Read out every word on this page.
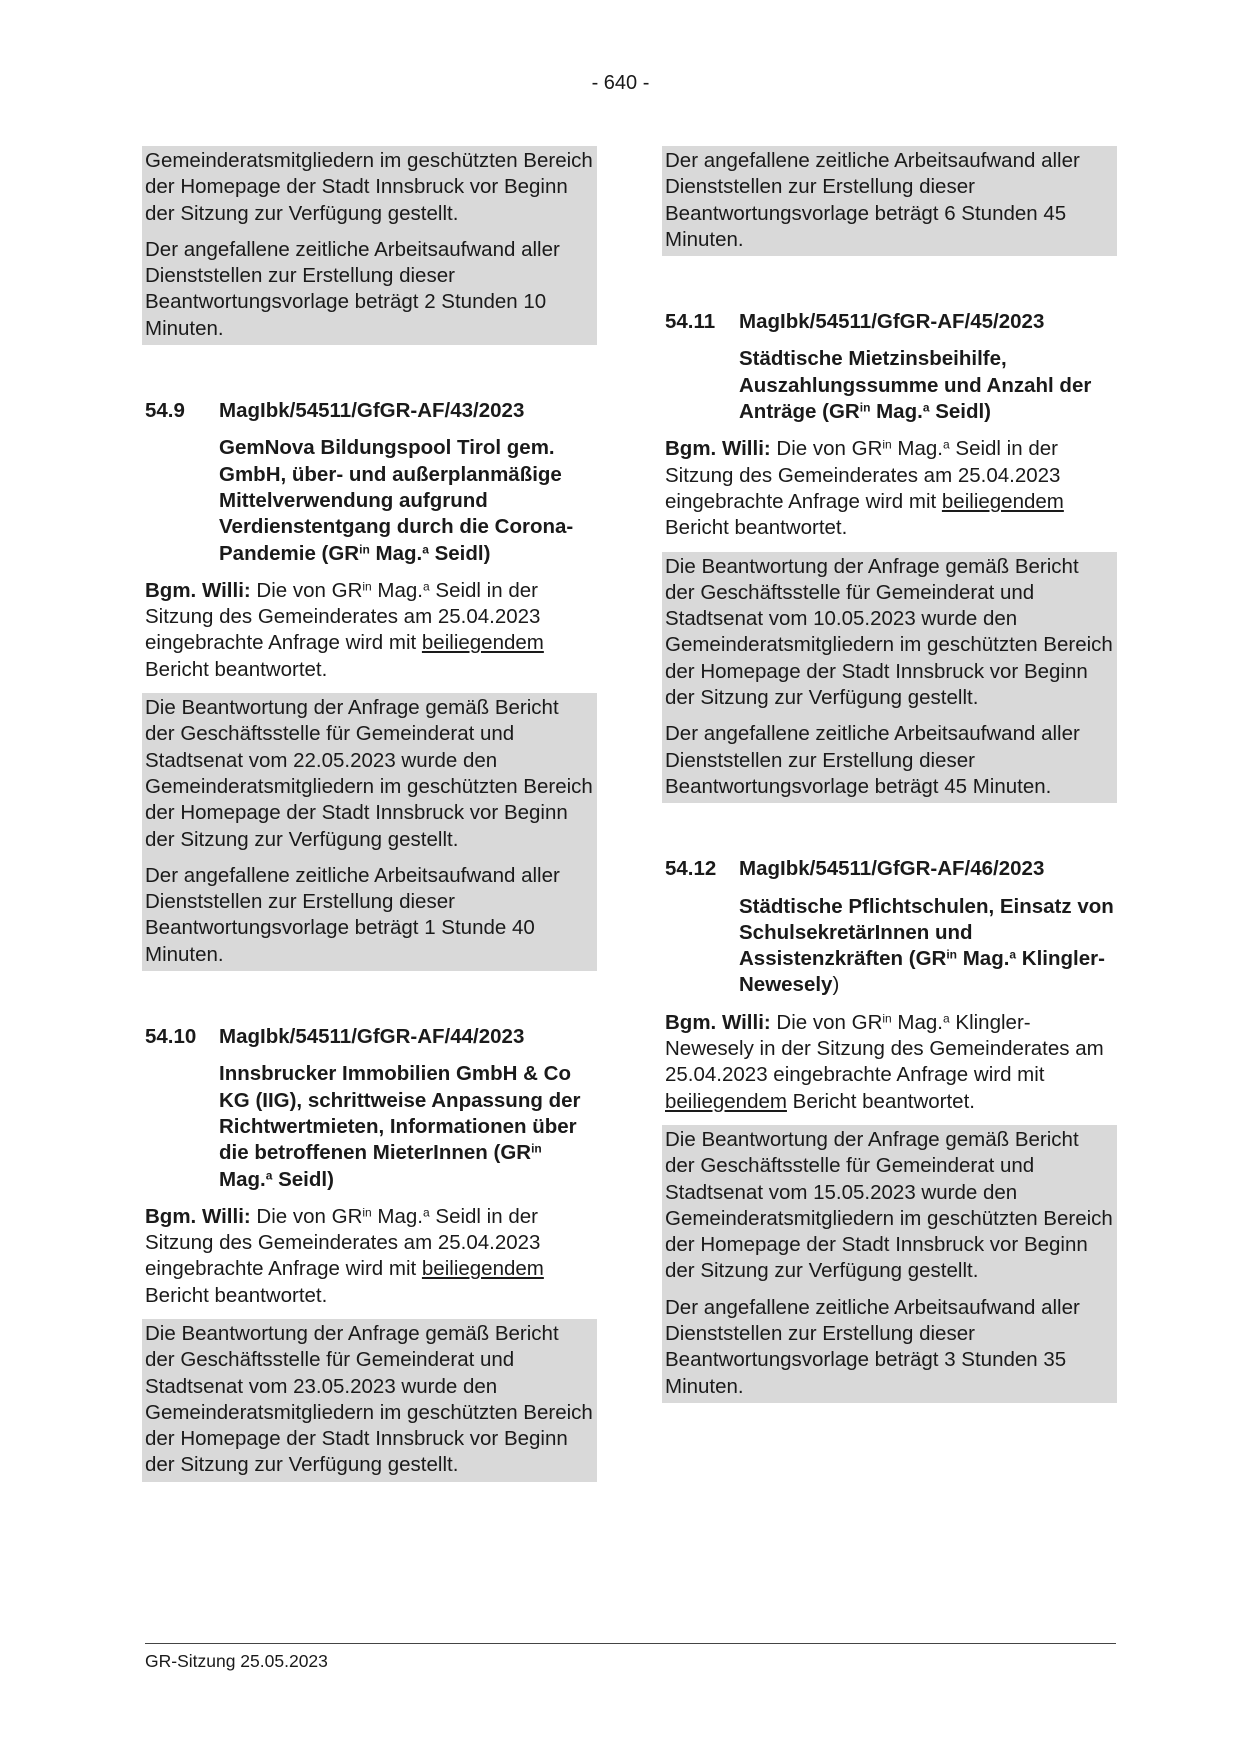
- 640 -

Gemeinderatsmitgliedern im geschützten Bereich der Homepage der Stadt Innsbruck vor Beginn der Sitzung zur Verfügung gestellt.

Der angefallene zeitliche Arbeitsaufwand aller Dienststellen zur Erstellung dieser Beantwortungsvorlage beträgt 2 Stunden 10 Minuten.

54.9	MagIbk/54511/GfGR-AF/43/2023
GemNova Bildungspool Tirol gem. GmbH, über- und außerplanmäßige Mittelverwendung aufgrund Verdienstentgang durch die Corona-Pandemie ($GR^{in}$ Mag.$^a$ Seidl)

Bgm. Willi: Die von $GR^{in}$ Mag.$^a$ Seidl in der Sitzung des Gemeinderates am 25.04.2023 eingebrachte Anfrage wird mit beiliegendem Bericht beantwortet.

Die Beantwortung der Anfrage gemäß Bericht der Geschäftsstelle für Gemeinderat und Stadtsenat vom 22.05.2023 wurde den Gemeinderatsmitgliedern im geschützten Bereich der Homepage der Stadt Innsbruck vor Beginn der Sitzung zur Verfügung gestellt.

Der angefallene zeitliche Arbeitsaufwand aller Dienststellen zur Erstellung dieser Beantwortungsvorlage beträgt 1 Stunde 40 Minuten.

54.10	MagIbk/54511/GfGR-AF/44/2023
Innsbrucker Immobilien GmbH & Co KG (IIG), schrittweise Anpassung der Richtwertmieten, Informationen über die betroffenen MieterInnen ($GR^{in}$ Mag.$^a$ Seidl)

Bgm. Willi: Die von $GR^{in}$ Mag.$^a$ Seidl in der Sitzung des Gemeinderates am 25.04.2023 eingebrachte Anfrage wird mit beiliegendem Bericht beantwortet.

Die Beantwortung der Anfrage gemäß Bericht der Geschäftsstelle für Gemeinderat und Stadtsenat vom 23.05.2023 wurde den Gemeinderatsmitgliedern im geschützten Bereich der Homepage der Stadt Innsbruck vor Beginn der Sitzung zur Verfügung gestellt.

Der angefallene zeitliche Arbeitsaufwand aller Dienststellen zur Erstellung dieser Beantwortungsvorlage beträgt 6 Stunden 45 Minuten.

54.11	MagIbk/54511/GfGR-AF/45/2023
Städtische Mietzinsbeihilfe, Auszahlungssumme und Anzahl der Anträge ($GR^{in}$ Mag.$^a$ Seidl)

Bgm. Willi: Die von $GR^{in}$ Mag.$^a$ Seidl in der Sitzung des Gemeinderates am 25.04.2023 eingebrachte Anfrage wird mit beiliegendem Bericht beantwortet.

Die Beantwortung der Anfrage gemäß Bericht der Geschäftsstelle für Gemeinderat und Stadtsenat vom 10.05.2023 wurde den Gemeinderatsmitgliedern im geschützten Bereich der Homepage der Stadt Innsbruck vor Beginn der Sitzung zur Verfügung gestellt.

Der angefallene zeitliche Arbeitsaufwand aller Dienststellen zur Erstellung dieser Beantwortungsvorlage beträgt 45 Minuten.

54.12	MagIbk/54511/GfGR-AF/46/2023
Städtische Pflichtschulen, Einsatz von SchulsekretärInnen und Assistenzkräften ($GR^{in}$ Mag.$^a$ Klingler-Newesely)

Bgm. Willi: Die von $GR^{in}$ Mag.$^a$ Klingler-Newesely in der Sitzung des Gemeinderates am 25.04.2023 eingebrachte Anfrage wird mit beiliegendem Bericht beantwortet.

Die Beantwortung der Anfrage gemäß Bericht der Geschäftsstelle für Gemeinderat und Stadtsenat vom 15.05.2023 wurde den Gemeinderatsmitgliedern im geschützten Bereich der Homepage der Stadt Innsbruck vor Beginn der Sitzung zur Verfügung gestellt.

Der angefallene zeitliche Arbeitsaufwand aller Dienststellen zur Erstellung dieser Beantwortungsvorlage beträgt 3 Stunden 35 Minuten.

GR-Sitzung 25.05.2023
